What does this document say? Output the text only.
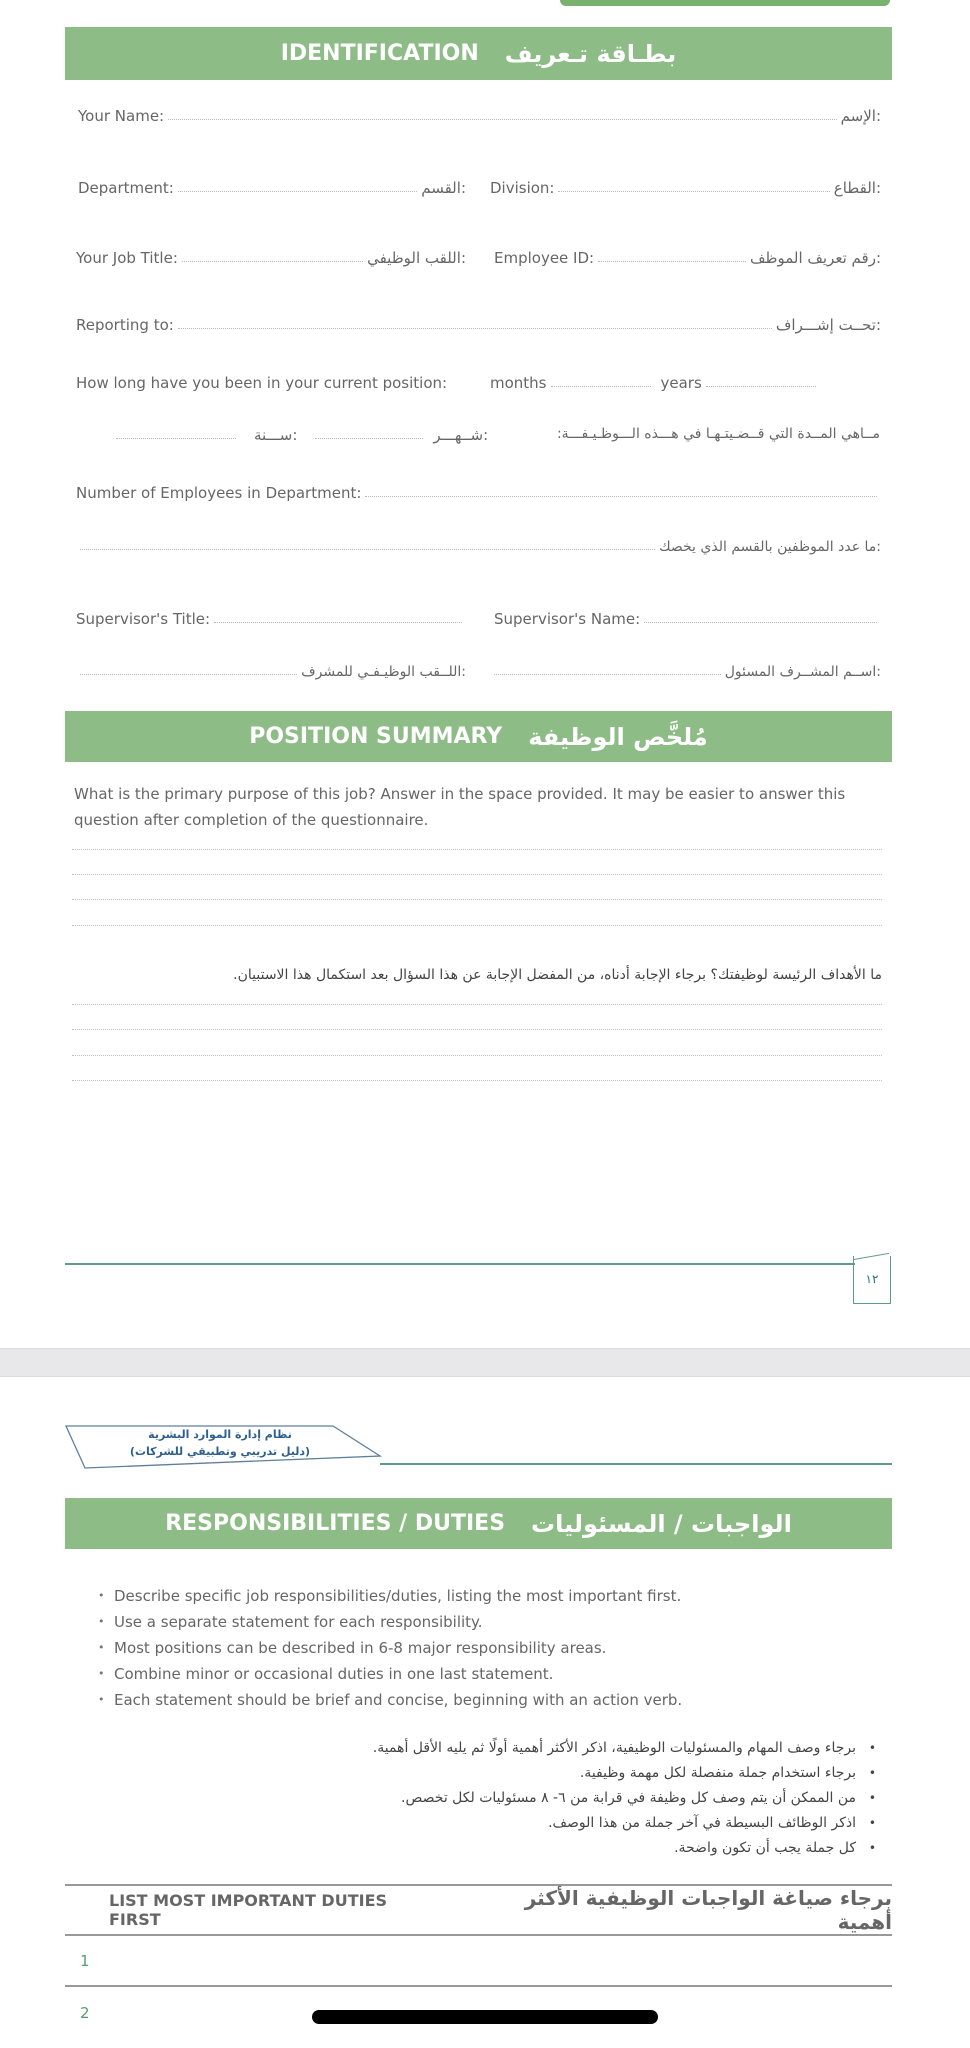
IDENTIFICATION بطـاقة تـعريف
Your Name:	الإسم:
Department:	القسم: Division:	القطاع:
Your Job Title:	اللقب الوظيفي: Employee ID:	رقم تعريف الموظف:
Reporting to:	تحــت إشـــراف:
How long have you been in your current position:	months	years
مــاهي المــدة التي قــضـيتـهـا في هـــذه الـــوظـيـفـــة:
ســـنة:	شــهـــر:
Number of Employees in Department:
ما عدد الموظفين بالقسم الذي يخصك:
Supervisor's Title:	Supervisor's Name:
اللــقب الوظيـفـي للمشرف:	اســم المشــرف المسئول:
POSITION SUMMARY مُلخَّص الوظيفة
What is the primary purpose of this job? Answer in the space provided. It may be easier to answer this question after completion of the questionnaire.
ما الأهداف الرئيسة لوظيفتك؟ برجاء الإجابة أدناه، من المفضل الإجابة عن هذا السؤال بعد استكمال هذا الاستبيان.
١٢
نظام إدارة الموارد البشرية
(دليل تدريبي وتطبيقي للشركات)
RESPONSIBILITIES / DUTIES الواجبات / المسئوليات
• Describe specific job responsibilities/duties, listing the most important first.
• Use a separate statement for each responsibility.
• Most positions can be described in 6-8 major responsibility areas.
• Combine minor or occasional duties in one last statement.
• Each statement should be brief and concise, beginning with an action verb.
• برجاء وصف المهام والمسئوليات الوظيفية، اذكر الأكثر أهمية أولًا ثم يليه الأقل أهمية.
• برجاء استخدام جملة منفصلة لكل مهمة وظيفية.
• من الممكن أن يتم وصف كل وظيفة في قرابة من ٦- ٨ مسئوليات لكل تخصص.
• اذكر الوظائف البسيطة في آخر جملة من هذا الوصف.
• كل جملة يجب أن تكون واضحة.
LIST MOST IMPORTANT DUTIES FIRST
برجاء صياغة الواجبات الوظيفية الأكثر أهمية
1
2
